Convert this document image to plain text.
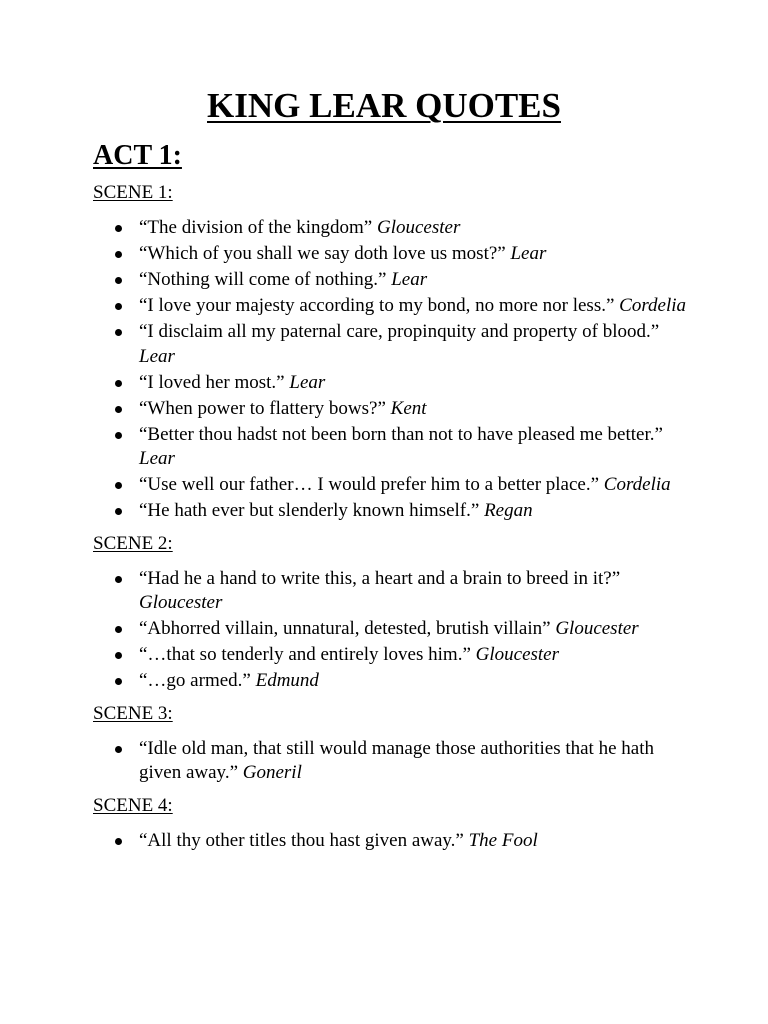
KING LEAR QUOTES
ACT 1:
SCENE 1:
“The division of the kingdom” Gloucester
“Which of you shall we say doth love us most?” Lear
“Nothing will come of nothing.” Lear
“I love your majesty according to my bond, no more nor less.” Cordelia
“I disclaim all my paternal care, propinquity and property of blood.” Lear
“I loved her most.” Lear
“When power to flattery bows?” Kent
“Better thou hadst not been born than not to have pleased me better.” Lear
“Use well our father… I would prefer him to a better place.” Cordelia
“He hath ever but slenderly known himself.” Regan
SCENE 2:
“Had he a hand to write this, a heart and a brain to breed in it?” Gloucester
“Abhorred villain, unnatural, detested, brutish villain” Gloucester
“…that so tenderly and entirely loves him.” Gloucester
“…go armed.” Edmund
SCENE 3:
“Idle old man, that still would manage those authorities that he hath given away.” Goneril
SCENE 4:
“All thy other titles thou hast given away.” The Fool
